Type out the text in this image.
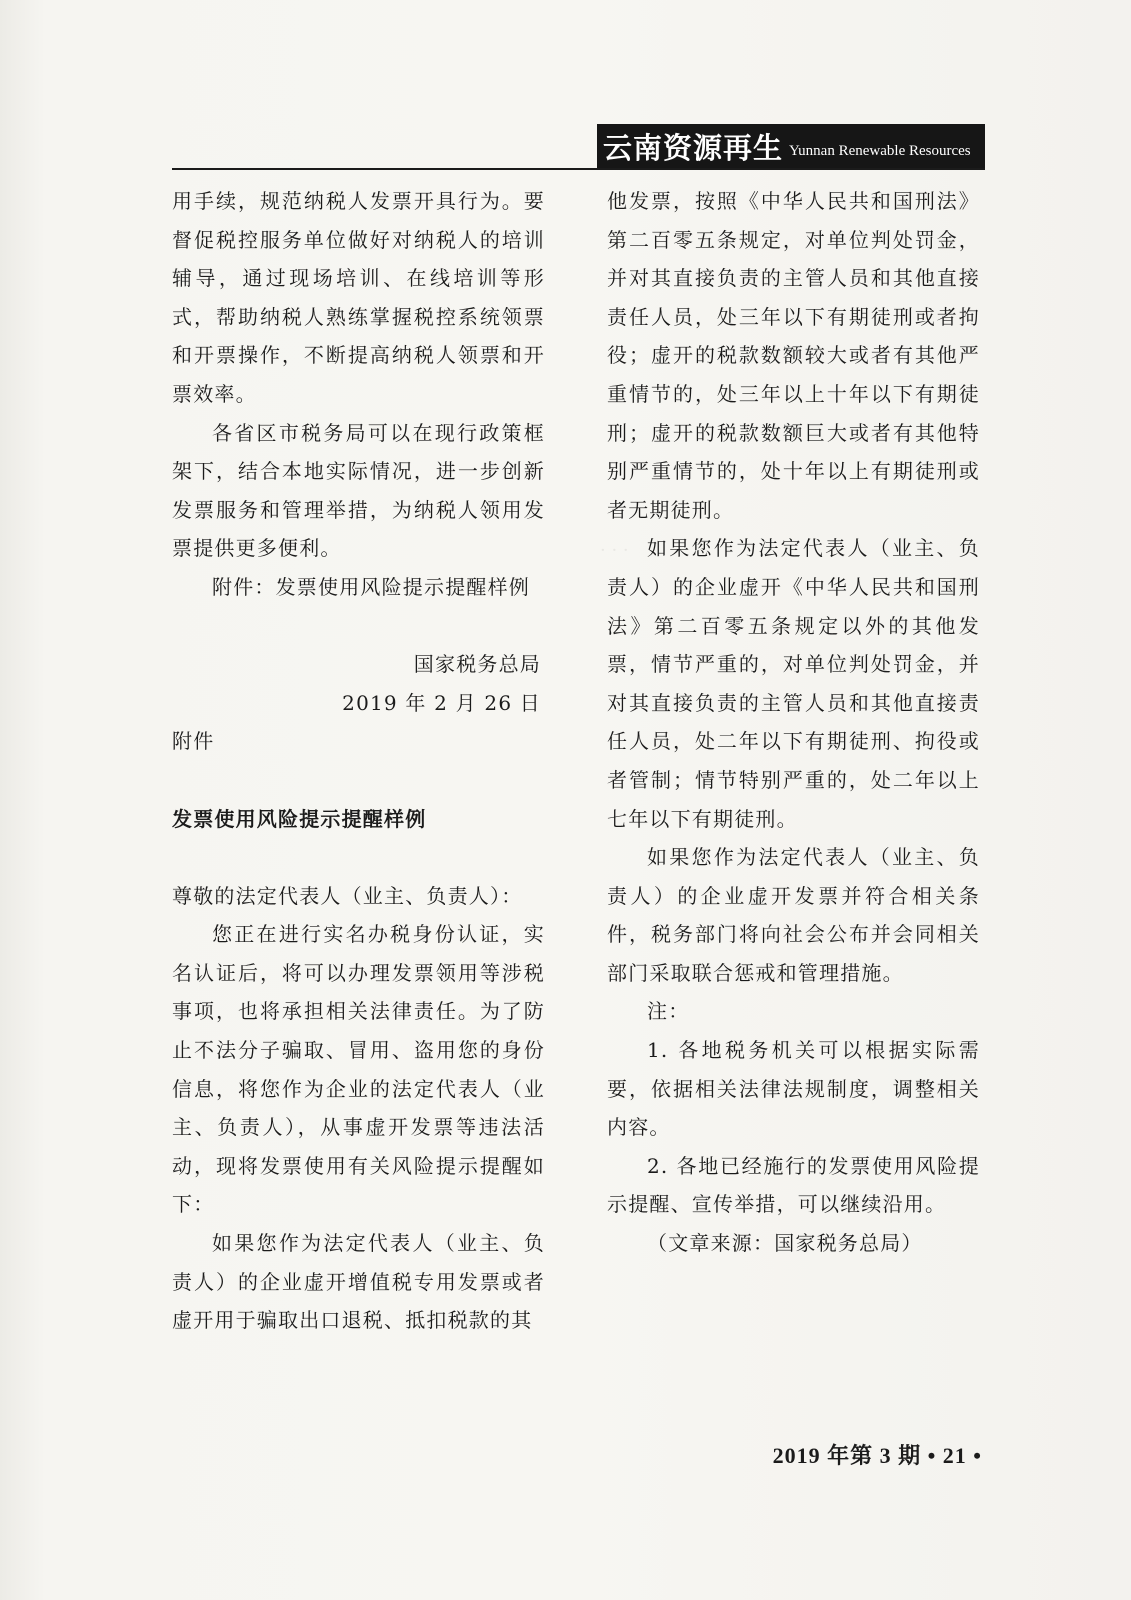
云南资源再生 Yunnan Renewable Resources
· · ·

用手续，规范纳税人发票开具行为。要督促税控服务单位做好对纳税人的培训辅导，通过现场培训、在线培训等形式，帮助纳税人熟练掌握税控系统领票和开票操作，不断提高纳税人领票和开票效率。

各省区市税务局可以在现行政策框架下，结合本地实际情况，进一步创新发票服务和管理举措，为纳税人领用发票提供更多便利。

附件：发票使用风险提示提醒样例

国家税务总局

2019 年 2 月 26 日

附件

发票使用风险提示提醒样例

尊敬的法定代表人（业主、负责人）：

您正在进行实名办税身份认证，实名认证后，将可以办理发票领用等涉税事项，也将承担相关法律责任。为了防止不法分子骗取、冒用、盗用您的身份信息，将您作为企业的法定代表人（业主、负责人），从事虚开发票等违法活动，现将发票使用有关风险提示提醒如下：

如果您作为法定代表人（业主、负责人）的企业虚开增值税专用发票或者虚开用于骗取出口退税、抵扣税款的其

他发票，按照《中华人民共和国刑法》第二百零五条规定，对单位判处罚金，并对其直接负责的主管人员和其他直接责任人员，处三年以下有期徒刑或者拘役；虚开的税款数额较大或者有其他严重情节的，处三年以上十年以下有期徒刑；虚开的税款数额巨大或者有其他特别严重情节的，处十年以上有期徒刑或者无期徒刑。

如果您作为法定代表人（业主、负责人）的企业虚开《中华人民共和国刑法》第二百零五条规定以外的其他发票，情节严重的，对单位判处罚金，并对其直接负责的主管人员和其他直接责任人员，处二年以下有期徒刑、拘役或者管制；情节特别严重的，处二年以上七年以下有期徒刑。

如果您作为法定代表人（业主、负责人）的企业虚开发票并符合相关条件，税务部门将向社会公布并会同相关部门采取联合惩戒和管理措施。

注：

1. 各地税务机关可以根据实际需要，依据相关法律法规制度，调整相关内容。

2. 各地已经施行的发票使用风险提示提醒、宣传举措，可以继续沿用。

（文章来源：国家税务总局）

2019 年第 3 期 • 21 •
